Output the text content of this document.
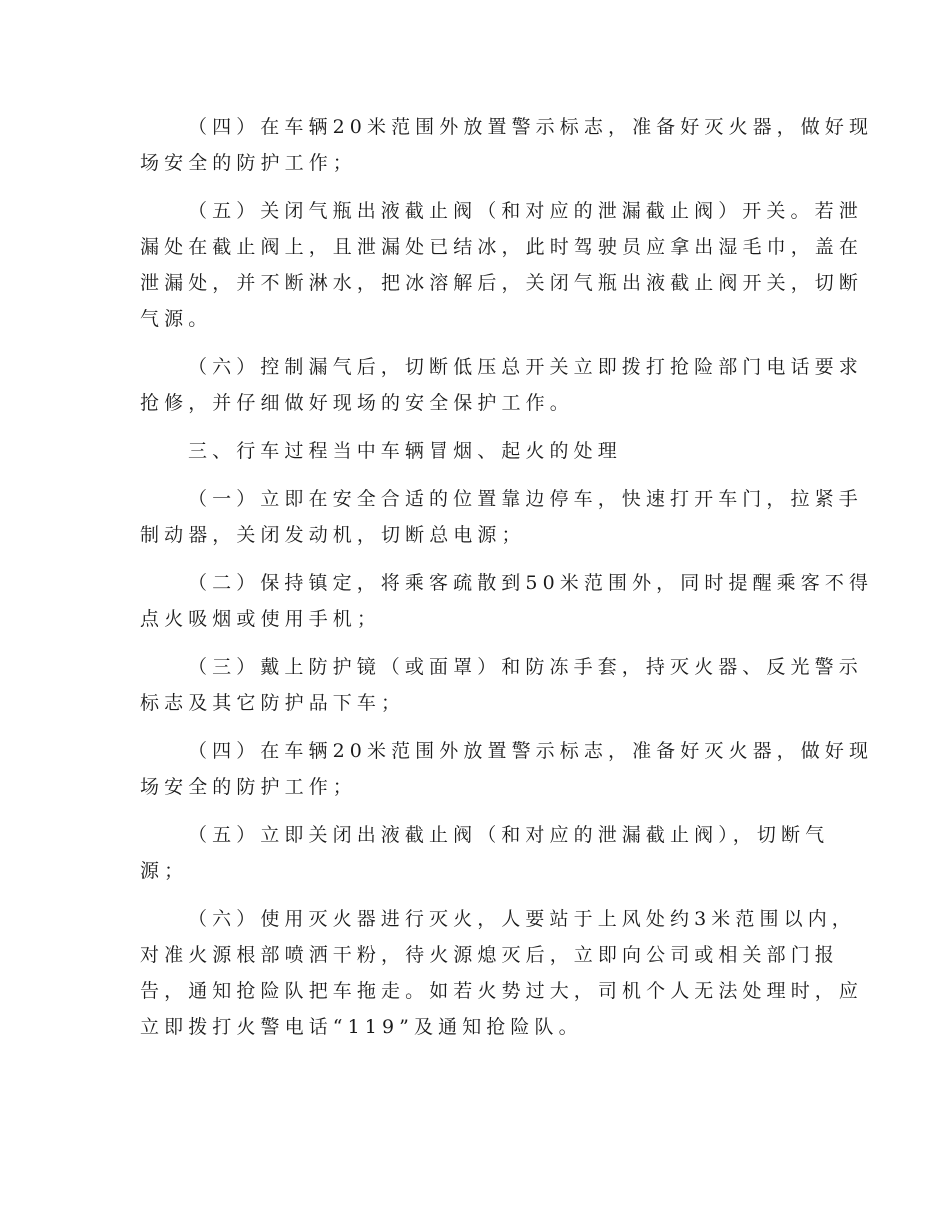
（四）在车辆20米范围外放置警示标志，准备好灭火器，做好现
场安全的防护工作；
（五）关闭气瓶出液截止阀（和对应的泄漏截止阀）开关。若泄
漏处在截止阀上，且泄漏处已结冰，此时驾驶员应拿出湿毛巾，盖在
泄漏处，并不断淋水，把冰溶解后，关闭气瓶出液截止阀开关，切断
气源。
（六）控制漏气后，切断低压总开关立即拨打抢险部门电话要求
抢修，并仔细做好现场的安全保护工作。
三、行车过程当中车辆冒烟、起火的处理
（一）立即在安全合适的位置靠边停车，快速打开车门，拉紧手
制动器，关闭发动机，切断总电源；
（二）保持镇定，将乘客疏散到50米范围外，同时提醒乘客不得
点火吸烟或使用手机；
（三）戴上防护镜（或面罩）和防冻手套，持灭火器、反光警示
标志及其它防护品下车；
（四）在车辆20米范围外放置警示标志，准备好灭火器，做好现
场安全的防护工作；
（五）立即关闭出液截止阀（和对应的泄漏截止阀），切断气
源；
（六）使用灭火器进行灭火，人要站于上风处约3米范围以内，
对准火源根部喷洒干粉，待火源熄灭后，立即向公司或相关部门报
告，通知抢险队把车拖走。如若火势过大，司机个人无法处理时，应
立即拨打火警电话“119”及通知抢险队。
